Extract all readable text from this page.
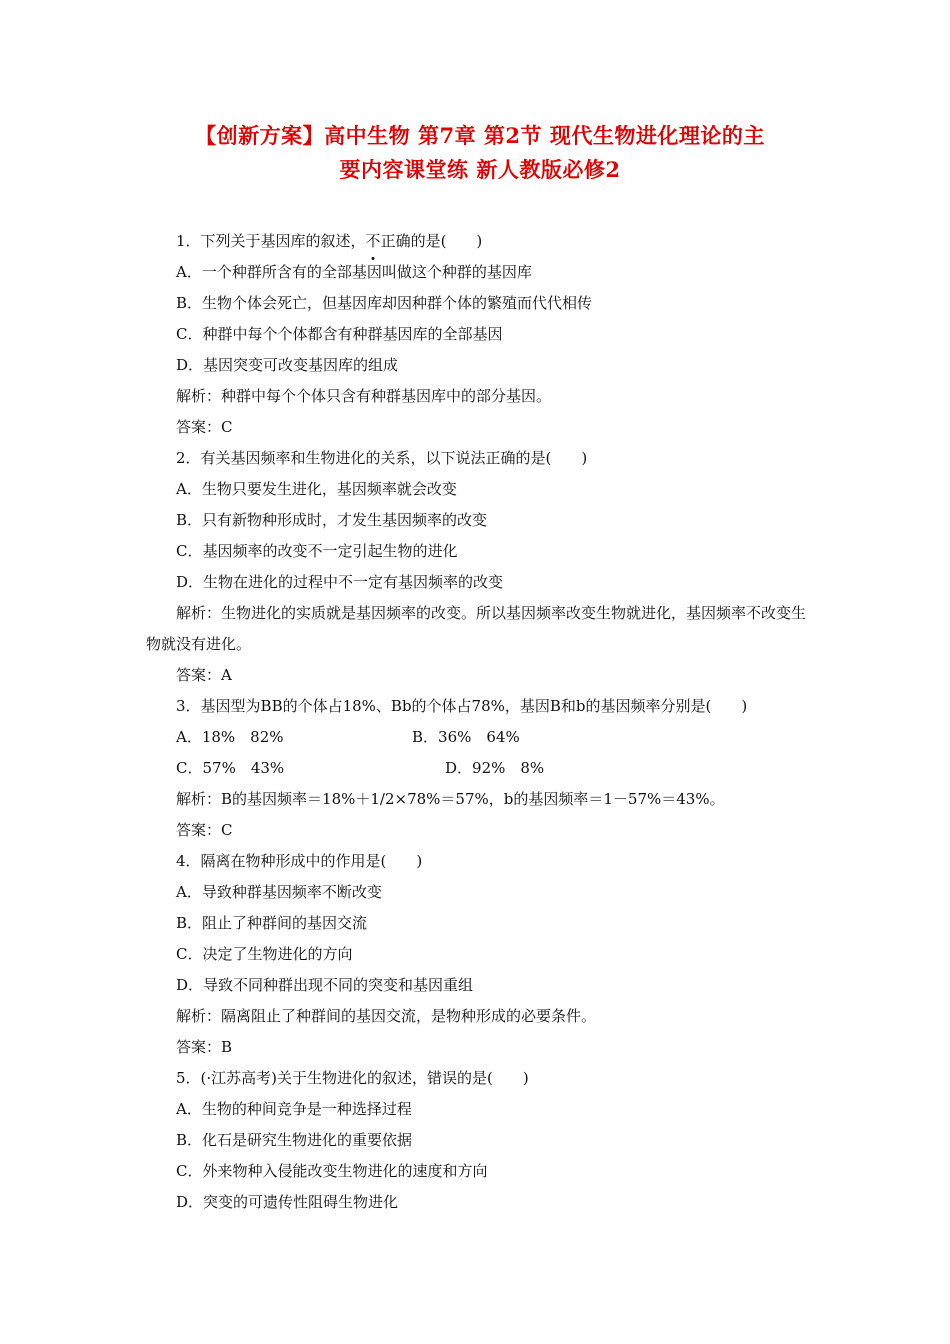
【创新方案】高中生物 第7章 第2节 现代生物进化理论的主
要内容课堂练 新人教版必修2
1．下列关于基因库的叙述，不正确的是(　　)
A．一个种群所含有的全部基因叫做这个种群的基因库
B．生物个体会死亡，但基因库却因种群个体的繁殖而代代相传
C．种群中每个个体都含有种群基因库的全部基因
D．基因突变可改变基因库的组成
解析：种群中每个个体只含有种群基因库中的部分基因。
答案：C
2．有关基因频率和生物进化的关系，以下说法正确的是(　　)
A．生物只要发生进化，基因频率就会改变
B．只有新物种形成时，才发生基因频率的改变
C．基因频率的改变不一定引起生物的进化
D．生物在进化的过程中不一定有基因频率的改变
解析：生物进化的实质就是基因频率的改变。所以基因频率改变生物就进化，基因频率不改变生物就没有进化。
答案：A
3．基因型为BB的个体占18%、Bb的个体占78%，基因B和b的基因频率分别是(　　)
A．18%　82%	B．36%　64%
C．57%　43%	D．92%　8%
解析：B的基因频率＝18%＋1/2×78%＝57%，b的基因频率＝1－57%＝43%。
答案：C
4．隔离在物种形成中的作用是(　　)
A．导致种群基因频率不断改变
B．阻止了种群间的基因交流
C．决定了生物进化的方向
D．导致不同种群出现不同的突变和基因重组
解析：隔离阻止了种群间的基因交流，是物种形成的必要条件。
答案：B
5．(·江苏高考)关于生物进化的叙述，错误的是(　　)
A．生物的种间竞争是一种选择过程
B．化石是研究生物进化的重要依据
C．外来物种入侵能改变生物进化的速度和方向
D．突变的可遗传性阻碍生物进化
